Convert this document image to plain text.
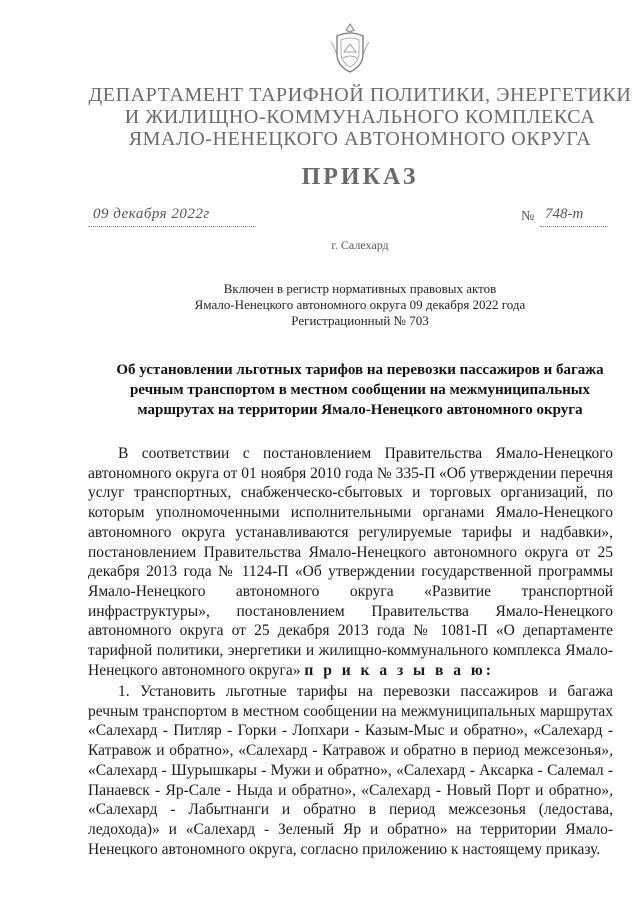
ДЕПАРТАМЕНТ ТАРИФНОЙ ПОЛИТИКИ, ЭНЕРГЕТИКИ
И ЖИЛИЩНО-КОММУНАЛЬНОГО КОМПЛЕКСА
ЯМАЛО-НЕНЕЦКОГО АВТОНОМНОГО ОКРУГА
ПРИКАЗ
09 декабря 2022г	№ 748-т
г. Салехард
Включен в регистр нормативных правовых актов
Ямало-Ненецкого автономного округа 09 декабря 2022 года
Регистрационный № 703
Об установлении льготных тарифов на перевозки пассажиров и багажа
речным транспортом в местном сообщении на межмуниципальных
маршрутах на территории Ямало-Ненецкого автономного округа
В соответствии с постановлением Правительства Ямало-Ненецкого автономного округа от 01 ноября 2010 года № 335-П «Об утверждении перечня услуг транспортных, снабженческо-сбытовых и торговых организаций, по которым уполномоченными исполнительными органами Ямало-Ненецкого автономного округа устанавливаются регулируемые тарифы и надбавки», постановлением Правительства Ямало-Ненецкого автономного округа от 25 декабря 2013 года № 1124-П «Об утверждении государственной программы Ямало-Ненецкого автономного округа «Развитие транспортной инфраструктуры», постановлением Правительства Ямало-Ненецкого автономного округа от 25 декабря 2013 года № 1081-П «О департаменте тарифной политики, энергетики и жилищно-коммунального комплекса Ямало-Ненецкого автономного округа» п р и к а з ы в а ю:
1. Установить льготные тарифы на перевозки пассажиров и багажа речным транспортом в местном сообщении на межмуниципальных маршрутах «Салехард - Питляр - Горки - Лопхари - Казым-Мыс и обратно», «Салехард - Катравож и обратно», «Салехард - Катравож и обратно в период межсезонья», «Салехард - Шурышкары - Мужи и обратно», «Салехард - Аксарка - Салемал - Панаевск - Яр-Сале - Ныда и обратно», «Салехард - Новый Порт и обратно», «Салехард - Лабытнанги и обратно в период межсезонья (ледостава, ледохода)» и «Салехард - Зеленый Яр и обратно» на территории Ямало-Ненецкого автономного округа, согласно приложению к настоящему приказу.
